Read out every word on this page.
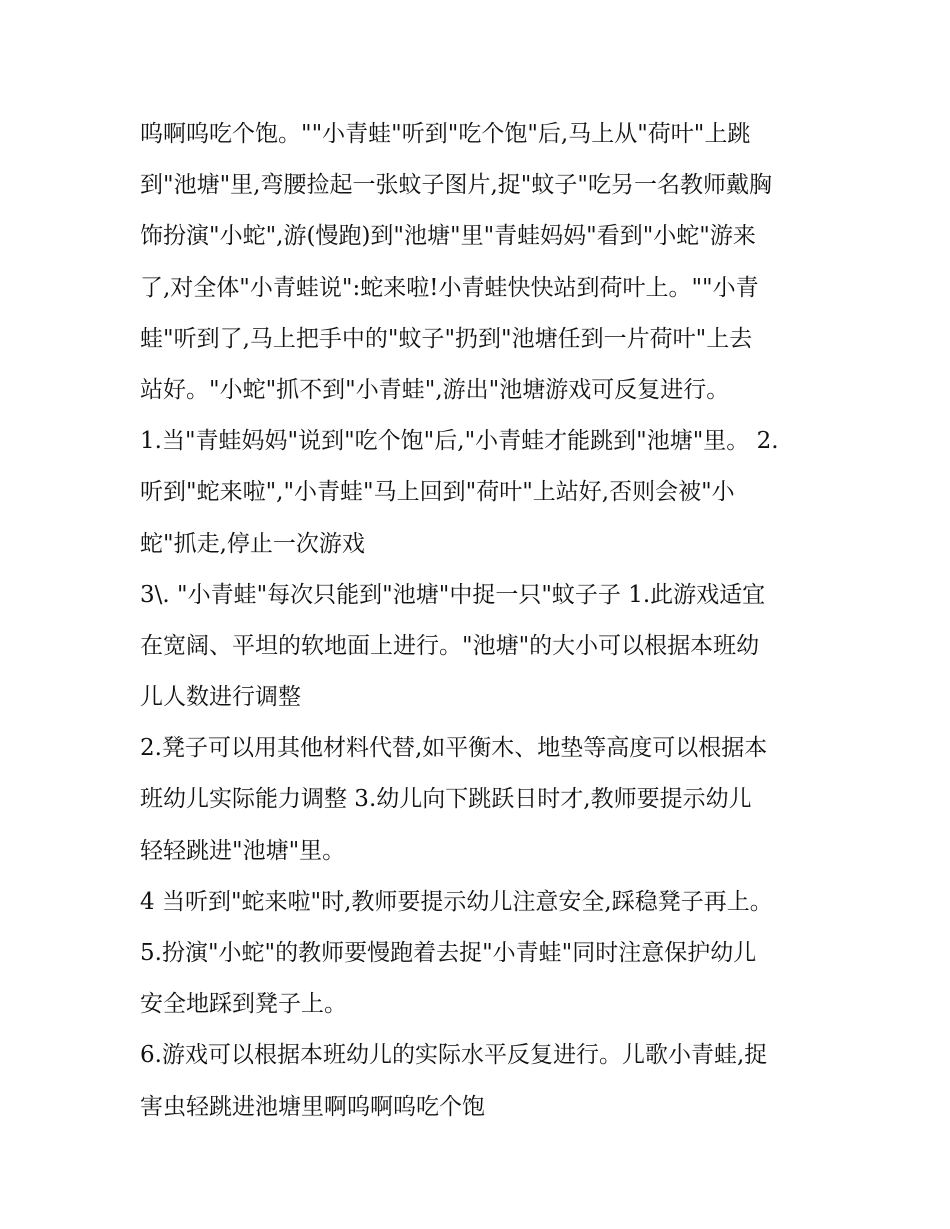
呜啊呜吃个饱。""小青蛙"听到"吃个饱"后,马上从"荷叶"上跳
到"池塘"里,弯腰捡起一张蚊子图片,捉"蚊子"吃另一名教师戴胸
饰扮演"小蛇",游(慢跑)到"池塘"里"青蛙妈妈"看到"小蛇"游来
了,对全体"小青蛙说":蛇来啦!小青蛙快快站到荷叶上。""小青
蛙"听到了,马上把手中的"蚊子"扔到"池塘任到一片荷叶"上去
站好。"小蛇"抓不到"小青蛙",游出"池塘游戏可反复进行。
1.当"青蛙妈妈"说到"吃个饱"后,"小青蛙才能跳到"池塘"里。 2.
听到"蛇来啦","小青蛙"马上回到"荷叶"上站好,否则会被"小
蛇"抓走,停止一次游戏
3\. "小青蛙"每次只能到"池塘"中捉一只"蚊子子 1.此游戏适宜
在宽阔、平坦的软地面上进行。"池塘"的大小可以根据本班幼
儿人数进行调整
2.凳子可以用其他材料代替,如平衡木、地垫等高度可以根据本
班幼儿实际能力调整 3.幼儿向下跳跃日时才,教师要提示幼儿
轻轻跳进"池塘"里。
4 当听到"蛇来啦"时,教师要提示幼儿注意安全,踩稳凳子再上。
5.扮演"小蛇"的教师要慢跑着去捉"小青蛙"同时注意保护幼儿
安全地踩到凳子上。
6.游戏可以根据本班幼儿的实际水平反复进行。儿歌小青蛙,捉
害虫轻跳进池塘里啊呜啊呜吃个饱
